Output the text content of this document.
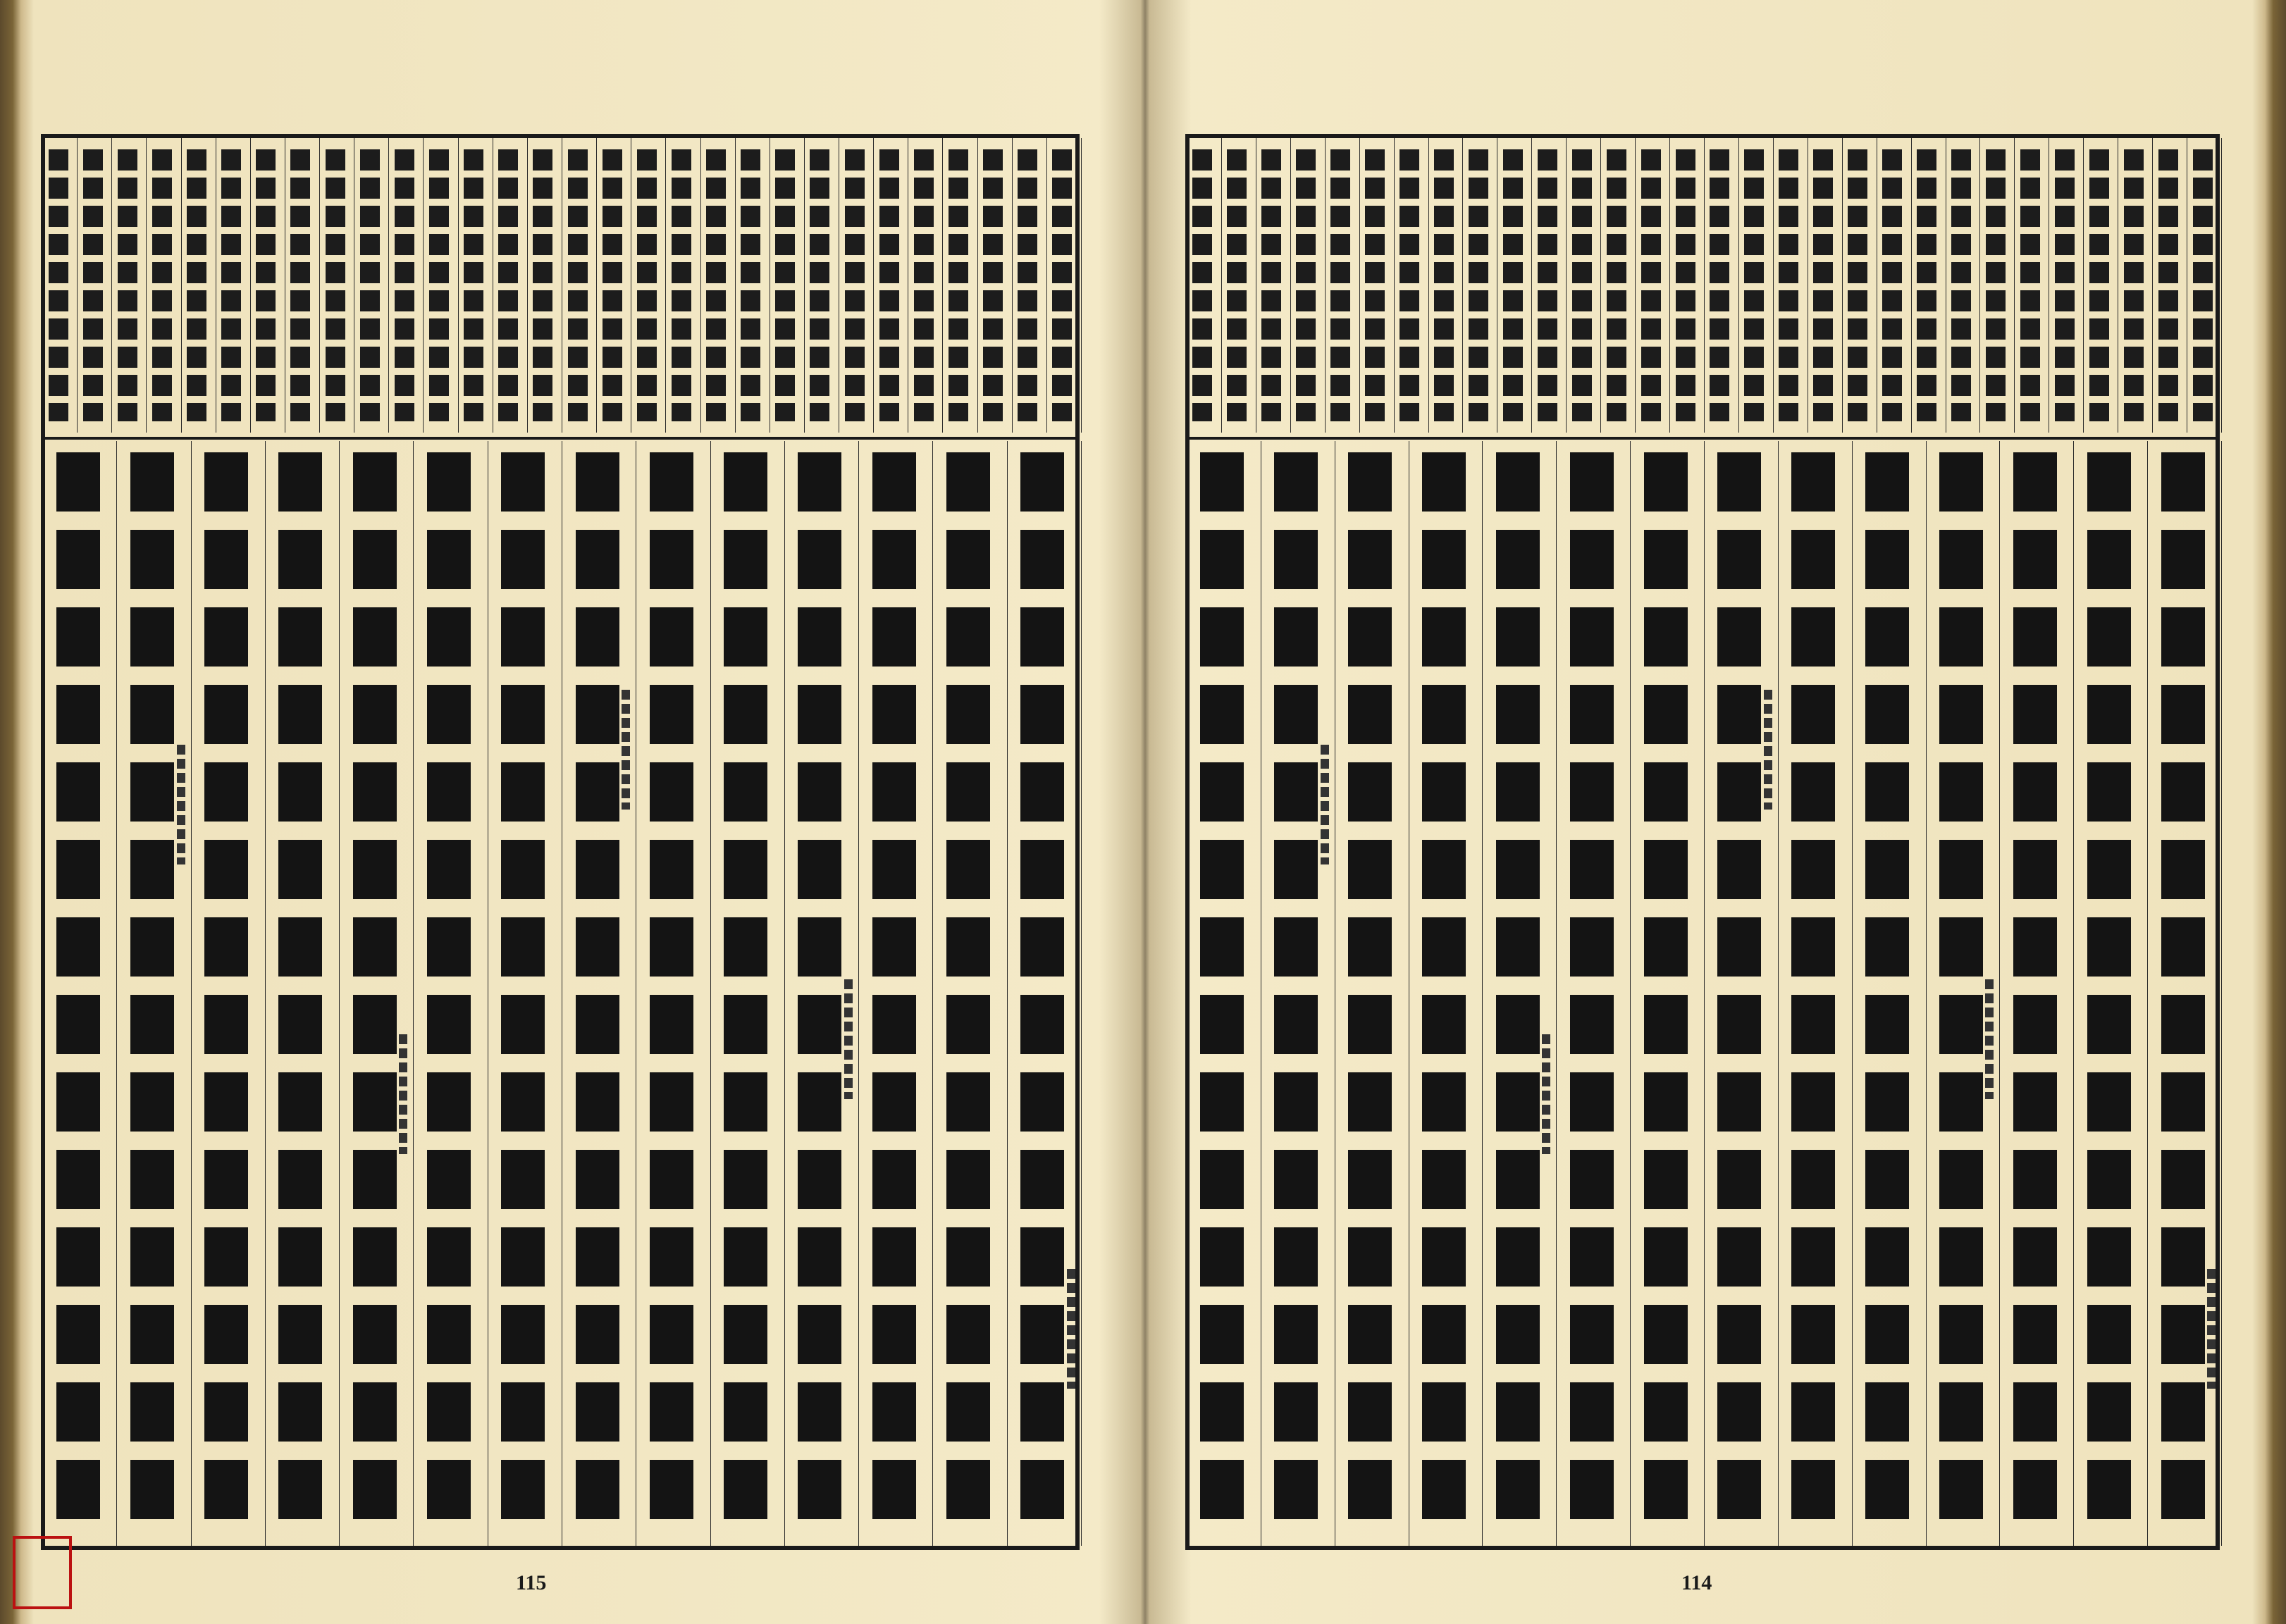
115	114
